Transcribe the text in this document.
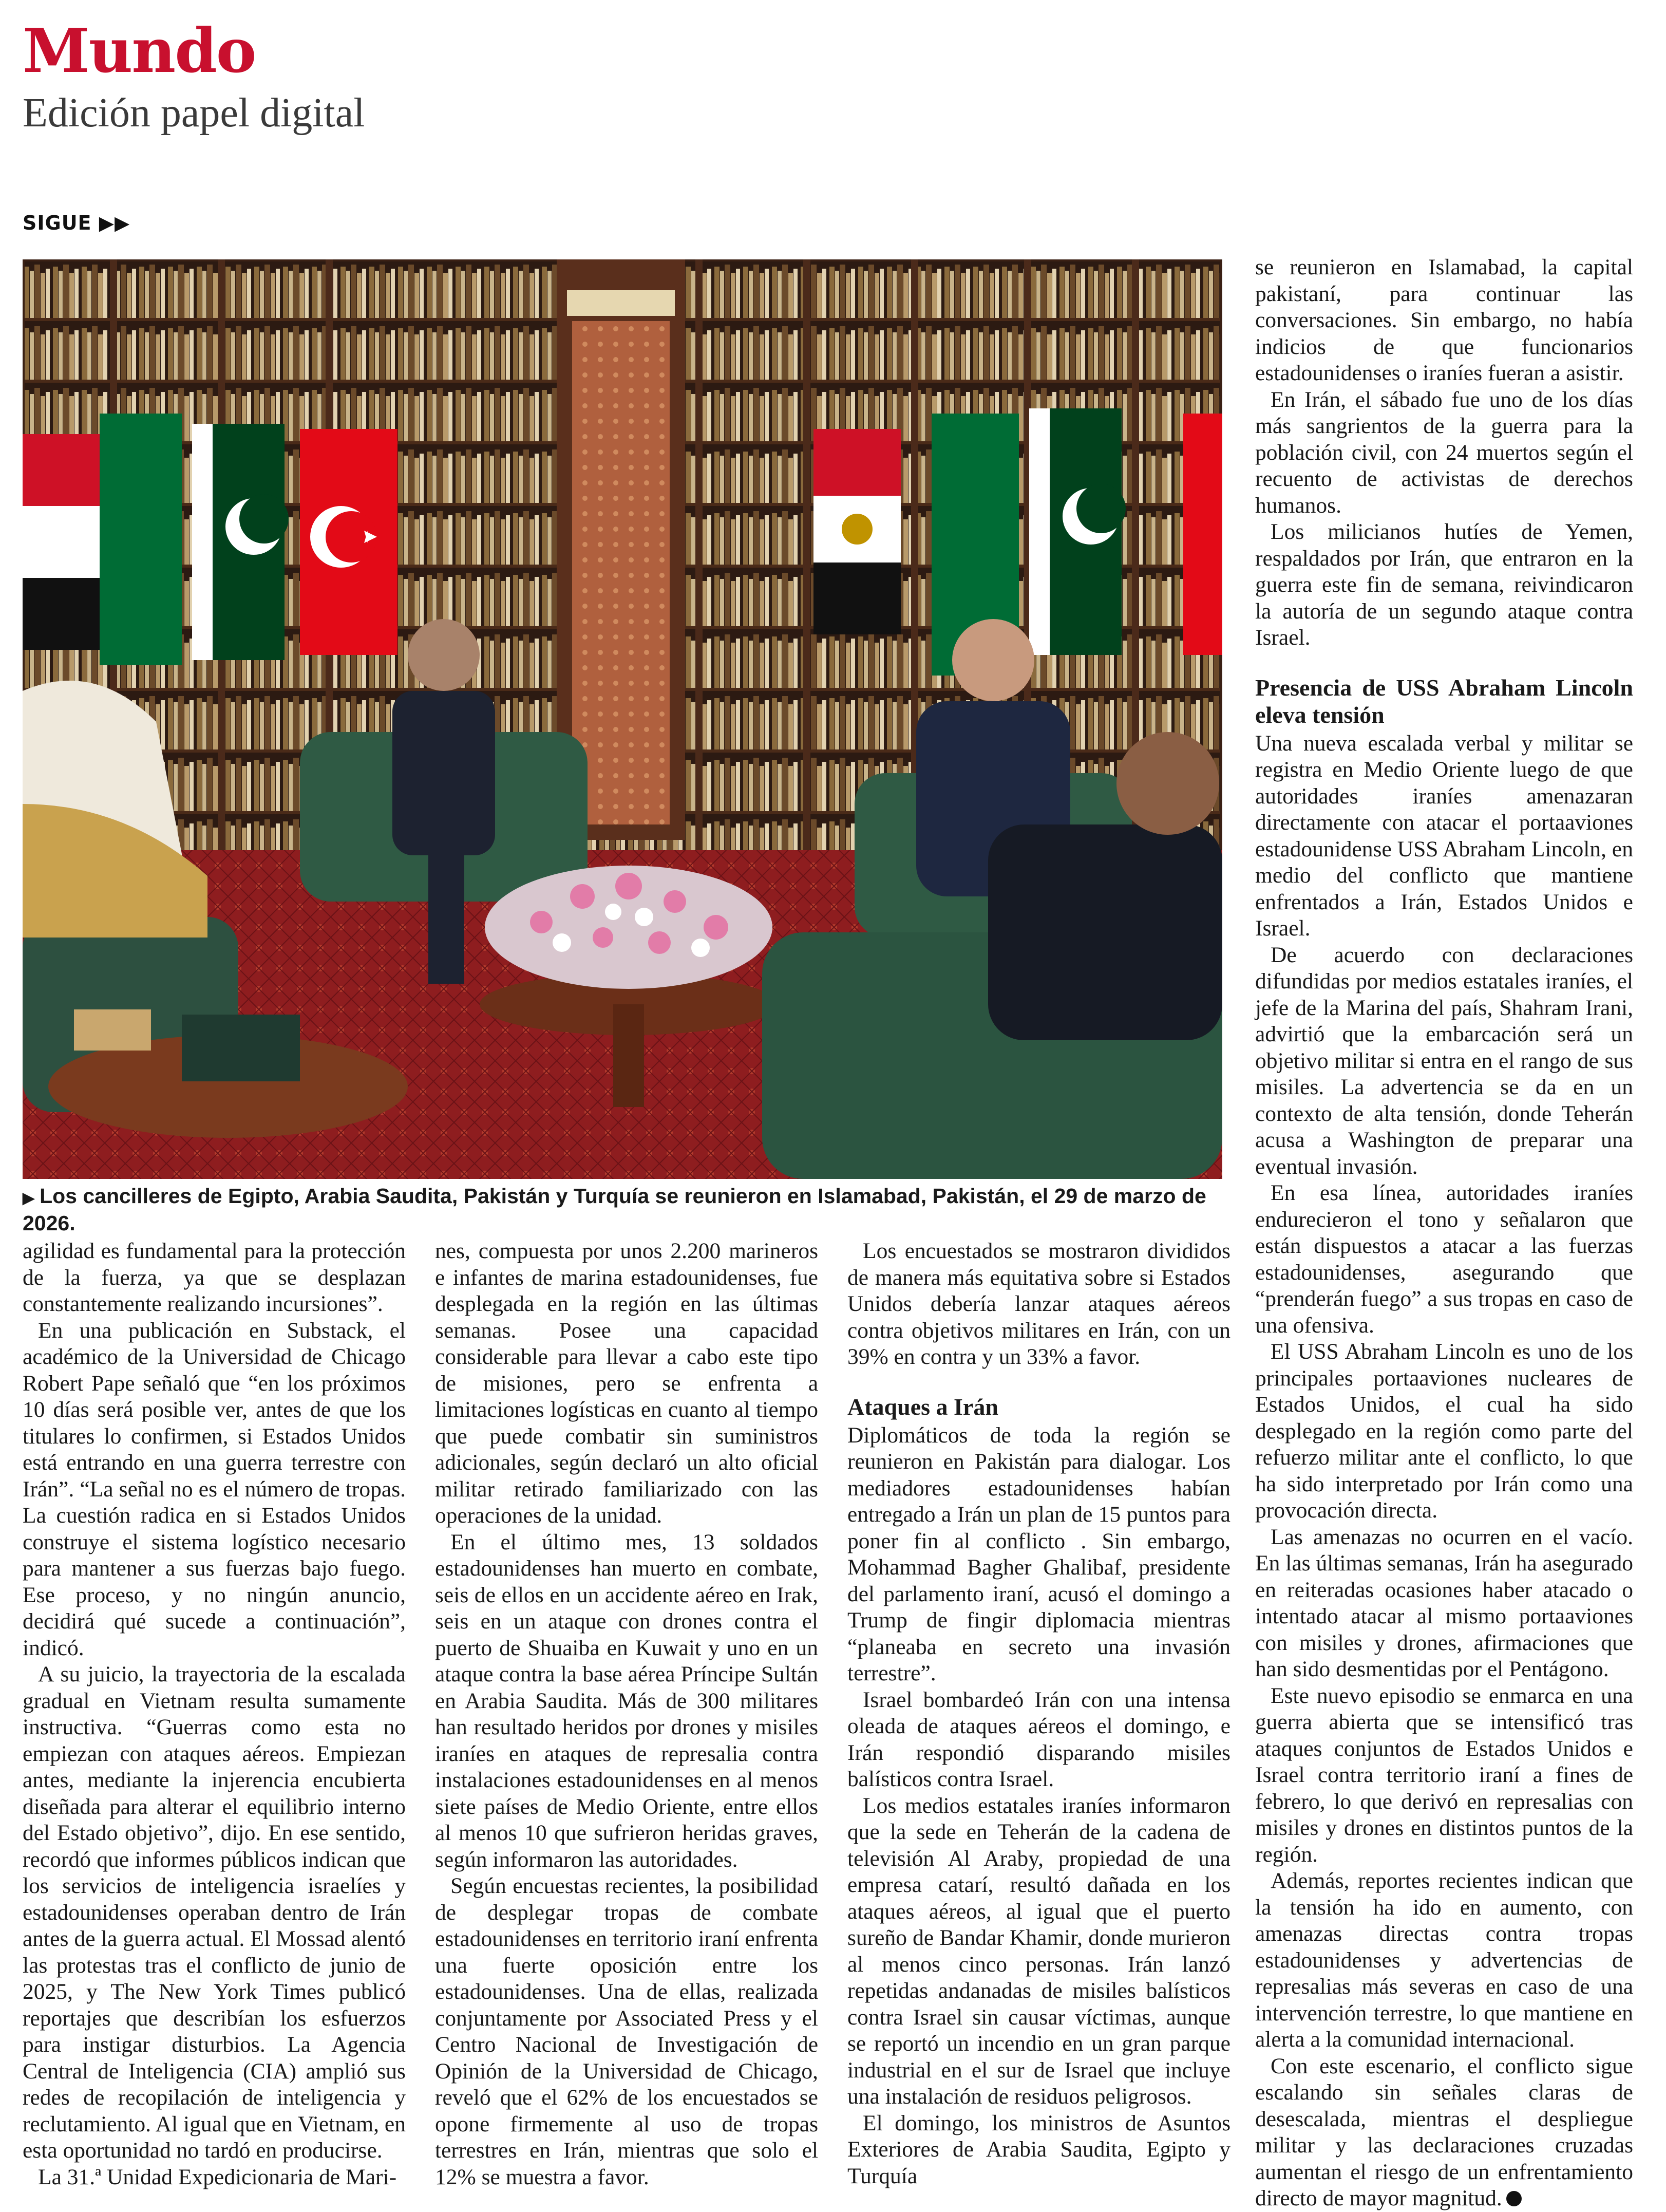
Mundo
Edición papel digital
SIGUE ▶▶
▶ Los cancilleres de Egipto, Arabia Saudita, Pakistán y Turquía se reunieron en Islamabad, Pakistán, el 29 de marzo de 2026.

agilidad es fundamental para la protección de la fuerza, ya que se desplazan constantemente realizando incursiones”.

En una publicación en Substack, el académico de la Universidad de Chicago Robert Pape señaló que “en los próximos 10 días será posible ver, antes de que los titulares lo confirmen, si Estados Unidos está entrando en una guerra terrestre con Irán”. “La señal no es el número de tropas. La cuestión radica en si Estados Unidos construye el sistema logístico necesario para mantener a sus fuerzas bajo fuego. Ese proceso, y no ningún anuncio, decidirá qué sucede a continuación”, indicó.

A su juicio, la trayectoria de la escalada gradual en Vietnam resulta sumamente instructiva. “Guerras como esta no empiezan con ataques aéreos. Empiezan antes, mediante la injerencia encubierta diseñada para alterar el equilibrio interno del Estado objetivo”, dijo. En ese sentido, recordó que informes públicos indican que los servicios de inteligencia israelíes y estadounidenses operaban dentro de Irán antes de la guerra actual. El Mossad alentó las protestas tras el conflicto de junio de 2025, y The New York Times publicó reportajes que describían los esfuerzos para instigar disturbios. La Agencia Central de Inteligencia (CIA) amplió sus redes de recopilación de inteligencia y reclutamiento. Al igual que en Vietnam, en esta oportunidad no tardó en producirse.

La 31.ª Unidad Expedicionaria de Mari-

nes, compuesta por unos 2.200 marineros e infantes de marina estadounidenses, fue desplegada en la región en las últimas semanas. Posee una capacidad considerable para llevar a cabo este tipo de misiones, pero se enfrenta a limitaciones logísticas en cuanto al tiempo que puede combatir sin suministros adicionales, según declaró un alto oficial militar retirado familiarizado con las operaciones de la unidad.

En el último mes, 13 soldados estadounidenses han muerto en combate, seis de ellos en un accidente aéreo en Irak, seis en un ataque con drones contra el puerto de Shuaiba en Kuwait y uno en un ataque contra la base aérea Príncipe Sultán en Arabia Saudita. Más de 300 militares han resultado heridos por drones y misiles iraníes en ataques de represalia contra instalaciones estadounidenses en al menos siete países de Medio Oriente, entre ellos al menos 10 que sufrieron heridas graves, según informaron las autoridades.

Según encuestas recientes, la posibilidad de desplegar tropas de combate estadounidenses en territorio iraní enfrenta una fuerte oposición entre los estadounidenses. Una de ellas, realizada conjuntamente por Associated Press y el Centro Nacional de Investigación de Opinión de la Universidad de Chicago, reveló que el 62% de los encuestados se opone firmemente al uso de tropas terrestres en Irán, mientras que solo el 12% se muestra a favor.

Los encuestados se mostraron divididos de manera más equitativa sobre si Estados Unidos debería lanzar ataques aéreos contra objetivos militares en Irán, con un 39% en contra y un 33% a favor.

Ataques a Irán

Diplomáticos de toda la región se reunieron en Pakistán para dialogar. Los mediadores estadounidenses habían entregado a Irán un plan de 15 puntos para poner fin al conflicto . Sin embargo, Mohammad Bagher Ghalibaf, presidente del parlamento iraní, acusó el domingo a Trump de fingir diplomacia mientras “planeaba en secreto una invasión terrestre”.

Israel bombardeó Irán con una intensa oleada de ataques aéreos el domingo, e Irán respondió disparando misiles balísticos contra Israel.

Los medios estatales iraníes informaron que la sede en Teherán de la cadena de televisión Al Araby, propiedad de una empresa catarí, resultó dañada en los ataques aéreos, al igual que el puerto sureño de Bandar Khamir, donde murieron al menos cinco personas. Irán lanzó repetidas andanadas de misiles balísticos contra Israel sin causar víctimas, aunque se reportó un incendio en un gran parque industrial en el sur de Israel que incluye una instalación de residuos peligrosos.

El domingo, los ministros de Asuntos Exteriores de Arabia Saudita, Egipto y Turquía

se reunieron en Islamabad, la capital pakistaní, para continuar las conversaciones. Sin embargo, no había indicios de que funcionarios estadounidenses o iraníes fueran a asistir.

En Irán, el sábado fue uno de los días más sangrientos de la guerra para la población civil, con 24 muertos según el recuento de activistas de derechos humanos.

Los milicianos hutíes de Yemen, respaldados por Irán, que entraron en la guerra este fin de semana, reivindicaron la autoría de un segundo ataque contra Israel.

Presencia de USS Abraham Lincoln eleva tensión

Una nueva escalada verbal y militar se registra en Medio Oriente luego de que autoridades iraníes amenazaran directamente con atacar el portaaviones estadounidense USS Abraham Lincoln, en medio del conflicto que mantiene enfrentados a Irán, Estados Unidos e Israel.

De acuerdo con declaraciones difundidas por medios estatales iraníes, el jefe de la Marina del país, Shahram Irani, advirtió que la embarcación será un objetivo militar si entra en el rango de sus misiles. La advertencia se da en un contexto de alta tensión, donde Teherán acusa a Washington de preparar una eventual invasión.

En esa línea, autoridades iraníes endurecieron el tono y señalaron que están dispuestos a atacar a las fuerzas estadounidenses, asegurando que “prenderán fuego” a sus tropas en caso de una ofensiva.

El USS Abraham Lincoln es uno de los principales portaaviones nucleares de Estados Unidos, el cual ha sido desplegado en la región como parte del refuerzo militar ante el conflicto, lo que ha sido interpretado por Irán como una provocación directa.

Las amenazas no ocurren en el vacío. En las últimas semanas, Irán ha asegurado en reiteradas ocasiones haber atacado o intentado atacar al mismo portaaviones con misiles y drones, afirmaciones que han sido desmentidas por el Pentágono.

Este nuevo episodio se enmarca en una guerra abierta que se intensificó tras ataques conjuntos de Estados Unidos e Israel contra territorio iraní a fines de febrero, lo que derivó en represalias con misiles y drones en distintos puntos de la región.

Además, reportes recientes indican que la tensión ha ido en aumento, con amenazas directas contra tropas estadounidenses y advertencias de represalias más severas en caso de una intervención terrestre, lo que mantiene en alerta a la comunidad internacional.

Con este escenario, el conflicto sigue escalando sin señales claras de desescalada, mientras el despliegue militar y las declaraciones cruzadas aumentan el riesgo de un enfrentamiento directo de mayor magnitud.
